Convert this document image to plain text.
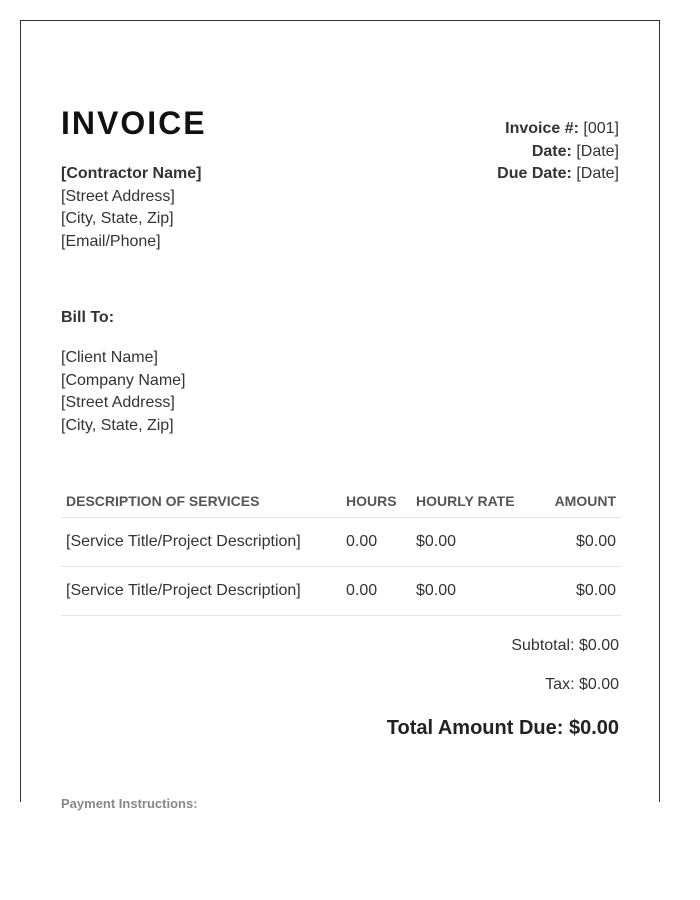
INVOICE
[Contractor Name]
[Street Address]
[City, State, Zip]
[Email/Phone]
Invoice #: [001]
Date: [Date]
Due Date: [Date]
Bill To:
[Client Name]
[Company Name]
[Street Address]
[City, State, Zip]
DESCRIPTION OF SERVICES	HOURS	HOURLY RATE	AMOUNT
[Service Title/Project Description]	0.00	$0.00	$0.00
[Service Title/Project Description]	0.00	$0.00	$0.00
Subtotal: $0.00
Tax: $0.00
Total Amount Due: $0.00
Payment Instructions:
